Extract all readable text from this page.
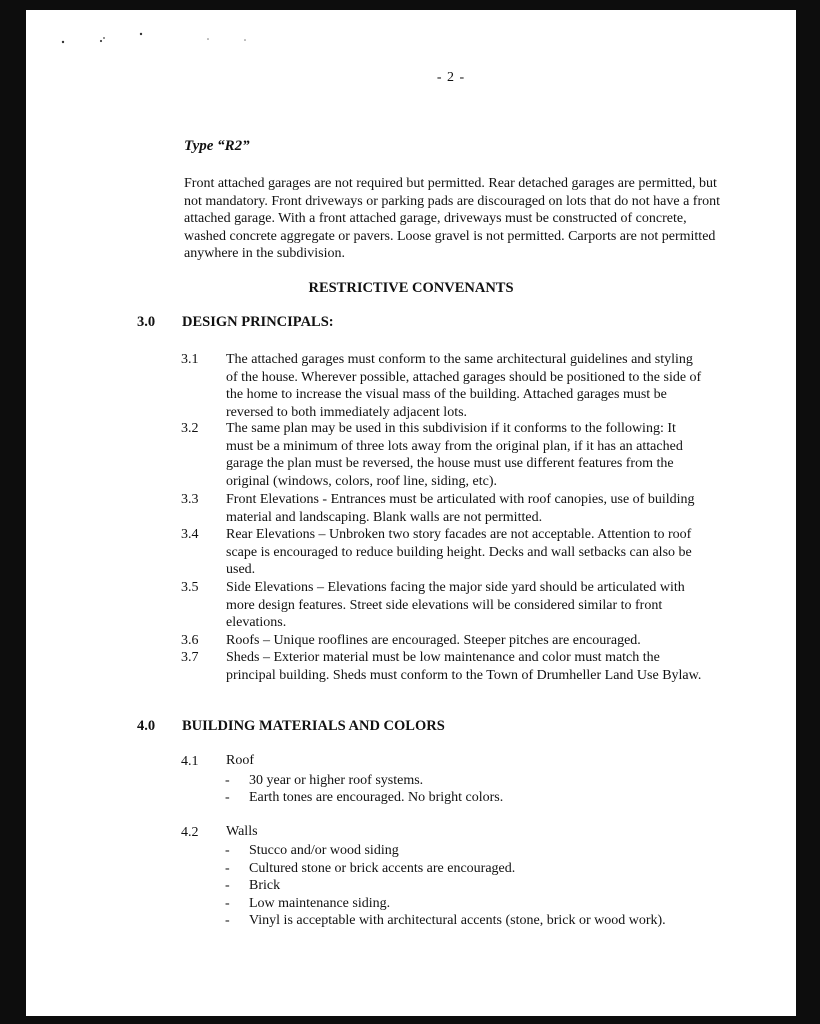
- 2 -
Type “R2”
Front attached garages are not required but permitted. Rear detached garages are permitted, but not mandatory. Front driveways or parking pads are discouraged on lots that do not have a front attached garage. With a front attached garage, driveways must be constructed of concrete, washed concrete aggregate or pavers. Loose gravel is not permitted. Carports are not permitted anywhere in the subdivision.
RESTRICTIVE CONVENANTS
3.0 DESIGN PRINCIPALS:
3.1 The attached garages must conform to the same architectural guidelines and styling of the house. Wherever possible, attached garages should be positioned to the side of the home to increase the visual mass of the building. Attached garages must be reversed to both immediately adjacent lots.
3.2 The same plan may be used in this subdivision if it conforms to the following: It must be a minimum of three lots away from the original plan, if it has an attached garage the plan must be reversed, the house must use different features from the original (windows, colors, roof line, siding, etc).
3.3 Front Elevations - Entrances must be articulated with roof canopies, use of building material and landscaping. Blank walls are not permitted.
3.4 Rear Elevations – Unbroken two story facades are not acceptable. Attention to roof scape is encouraged to reduce building height. Decks and wall setbacks can also be used.
3.5 Side Elevations – Elevations facing the major side yard should be articulated with more design features. Street side elevations will be considered similar to front elevations.
3.6 Roofs – Unique rooflines are encouraged. Steeper pitches are encouraged.
3.7 Sheds – Exterior material must be low maintenance and color must match the principal building. Sheds must conform to the Town of Drumheller Land Use Bylaw.
4.0 BUILDING MATERIALS AND COLORS
4.1 Roof
- 30 year or higher roof systems.
- Earth tones are encouraged. No bright colors.
4.2 Walls
- Stucco and/or wood siding
- Cultured stone or brick accents are encouraged.
- Brick
- Low maintenance siding.
- Vinyl is acceptable with architectural accents (stone, brick or wood work).
